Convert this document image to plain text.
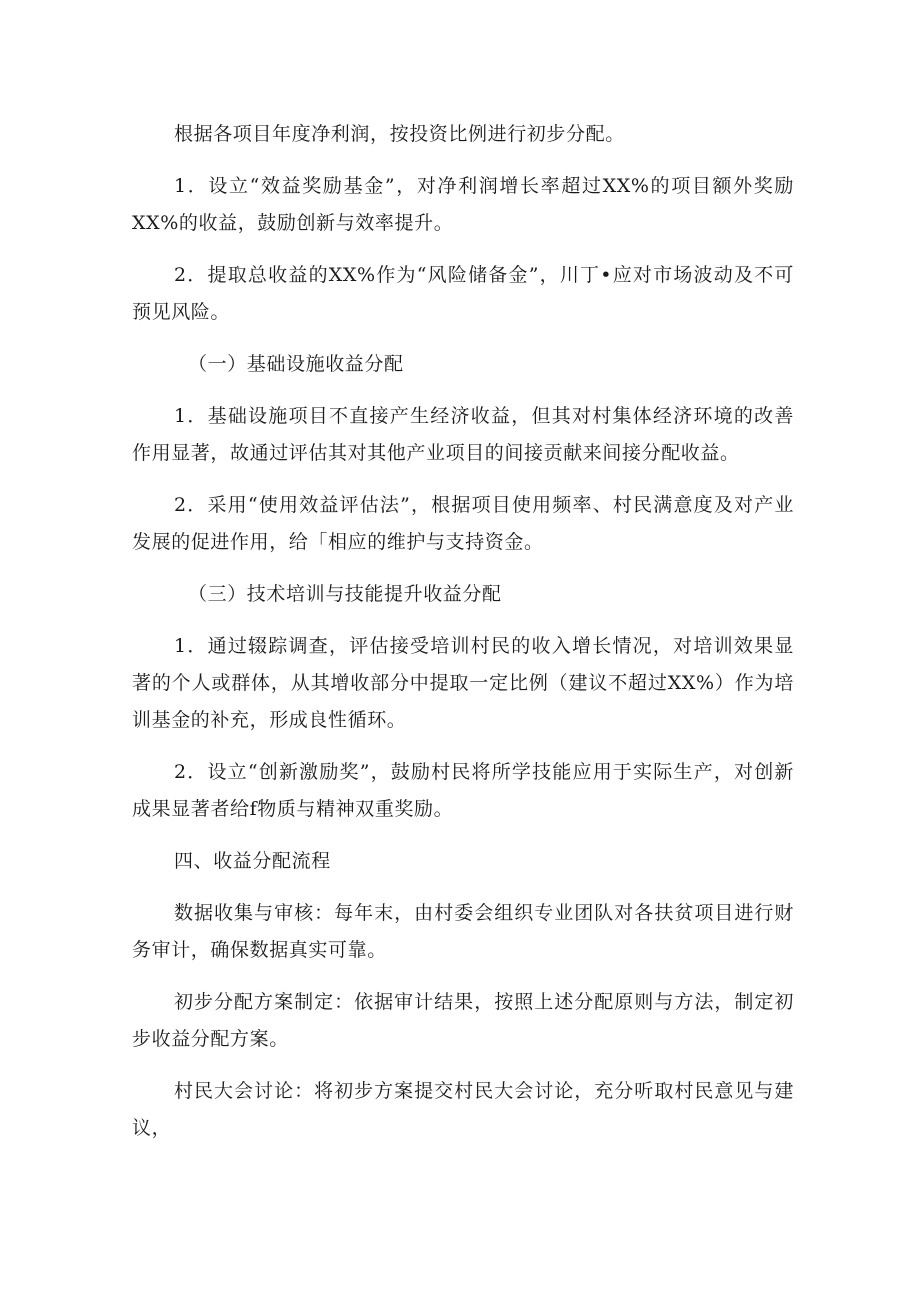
根据各项目年度净利润，按投资比例进行初步分配。

1．设立“效益奖励基金”，对净利润增长率超过XX%的项目额外奖励XX%的收益，鼓励创新与效率提升。

2．提取总收益的XX%作为“风险储备金”，川丁•应对市场波动及不可预见风险。

（一）基础设施收益分配

1．基础设施项目不直接产生经济收益，但其对村集体经济环境的改善作用显著，故通过评估其对其他产业项目的间接贡献来间接分配收益。

2．采用“使用效益评估法”，根据项目使用频率、村民满意度及对产业发展的促进作用，给「相应的维护与支持资金。

（三）技术培训与技能提升收益分配

1．通过辍踪调查，评估接受培训村民的收入增长情况，对培训效果显著的个人或群体，从其增收部分中提取一定比例（建议不超过XX%）作为培训基金的补充，形成良性循环。

2．设立“创新激励奖”，鼓励村民将所学技能应用于实际生产，对创新成果显著者给f物质与精神双重奖励。

四、收益分配流程

数据收集与审核：每年末，由村委会组织专业团队对各扶贫项目进行财务审计，确保数据真实可靠。

初步分配方案制定：依据审计结果，按照上述分配原则与方法，制定初步收益分配方案。

村民大会讨论：将初步方案提交村民大会讨论，充分听取村民意见与建议，
